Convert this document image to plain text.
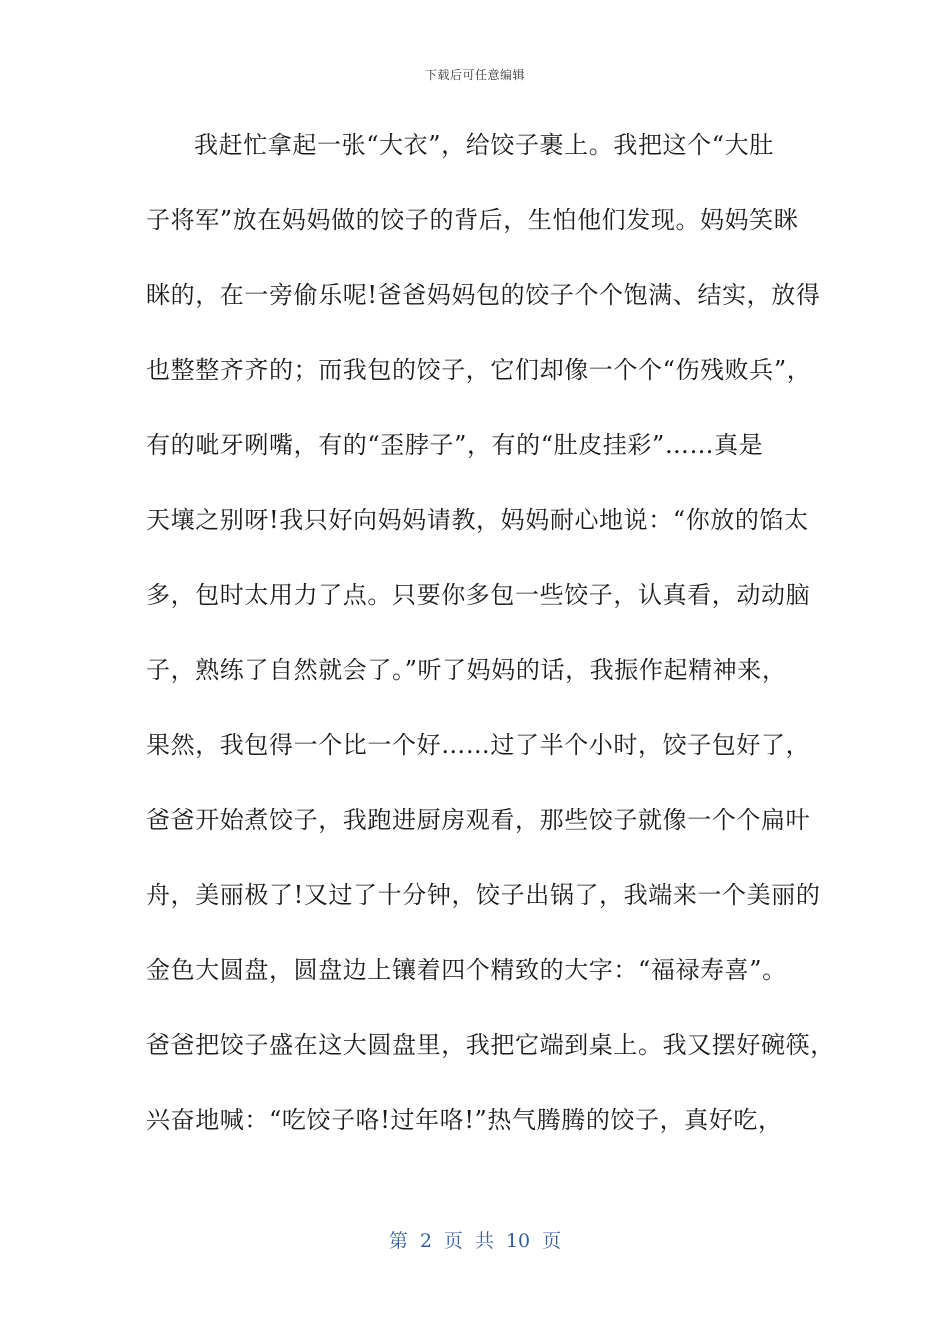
下载后可任意编辑
我赶忙拿起一张“大衣”，给饺子裹上。我把这个“大肚
子将军”放在妈妈做的饺子的背后，生怕他们发现。妈妈笑眯
眯的，在一旁偷乐呢!爸爸妈妈包的饺子个个饱满、结实，放得
也整整齐齐的；而我包的饺子，它们却像一个个“伤残败兵”，
有的呲牙咧嘴，有的“歪脖子”，有的“肚皮挂彩”……真是
天壤之别呀!我只好向妈妈请教，妈妈耐心地说：“你放的馅太
多，包时太用力了点。只要你多包一些饺子，认真看，动动脑
子，熟练了自然就会了。”听了妈妈的话，我振作起精神来，
果然，我包得一个比一个好……过了半个小时，饺子包好了，
爸爸开始煮饺子，我跑进厨房观看，那些饺子就像一个个扁叶
舟，美丽极了!又过了十分钟，饺子出锅了，我端来一个美丽的
金色大圆盘，圆盘边上镶着四个精致的大字：“福禄寿喜”。
爸爸把饺子盛在这大圆盘里，我把它端到桌上。我又摆好碗筷，
兴奋地喊：“吃饺子咯!过年咯!”热气腾腾的饺子，真好吃，
第 2 页 共 10 页
